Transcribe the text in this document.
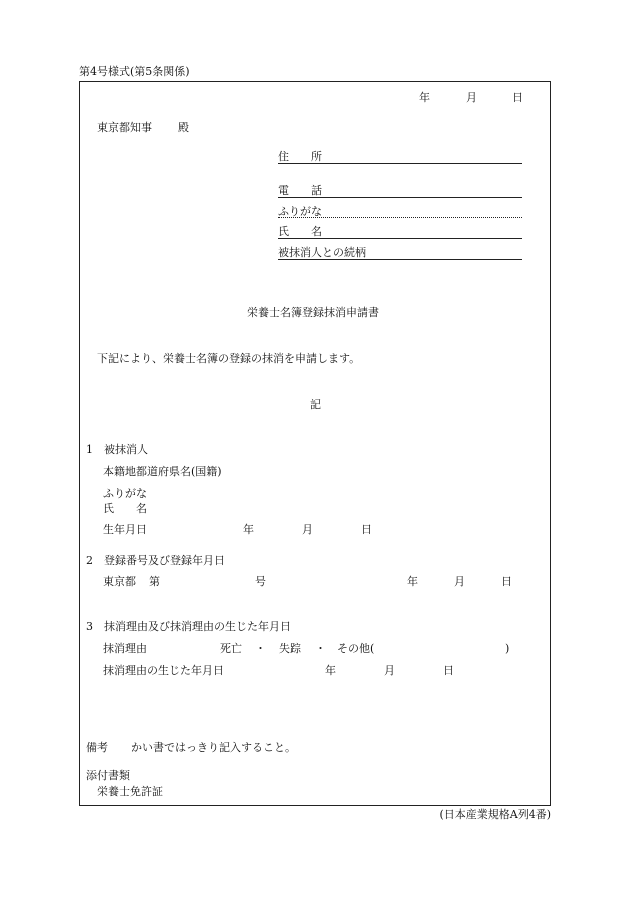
第4号様式(第5条関係)
年	月	日
東京都知事 殿
住　　所
電　　話
ふりがな
氏　　名
被抹消人との続柄
栄養士名簿登録抹消申請書
下記により、栄養士名簿の登録の抹消を申請します。
記
1　被抹消人
本籍地都道府県名(国籍)
ふりがな
氏　　名
生年月日	年	月	日
2　登録番号及び登録年月日
東京都 第	号	年	月	日
3　抹消理由及び抹消理由の生じた年月日
抹消理由	死亡 ・ 失踪 ・ その他(	)
抹消理由の生じた年月日	年	月	日
備考 かい書ではっきり記入すること。
添付書類
栄養士免許証
(日本産業規格A列4番)
